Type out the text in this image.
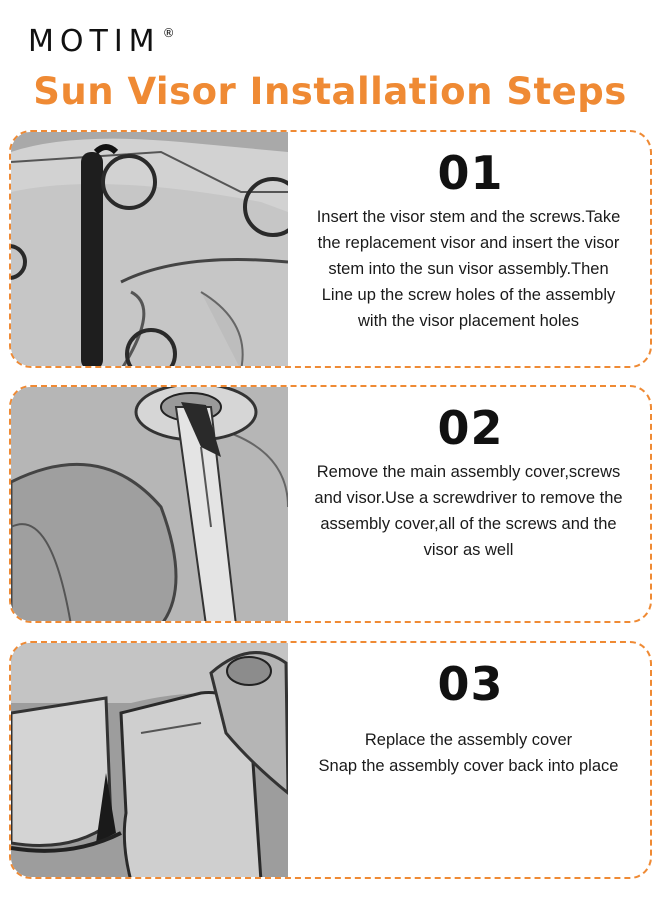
MOTIM ®
Sun Visor Installation Steps
01

Insert the visor stem and the screws.Take

the replacement visor and insert the visor

stem into the sun visor assembly.Then

Line up the screw holes of the assembly

with the visor placement holes

02

Remove the main assembly cover,screws

and visor.Use a screwdriver to remove the

assembly cover,all of the screws and the

visor as well

03

Replace the assembly cover

Snap the assembly cover back into place
